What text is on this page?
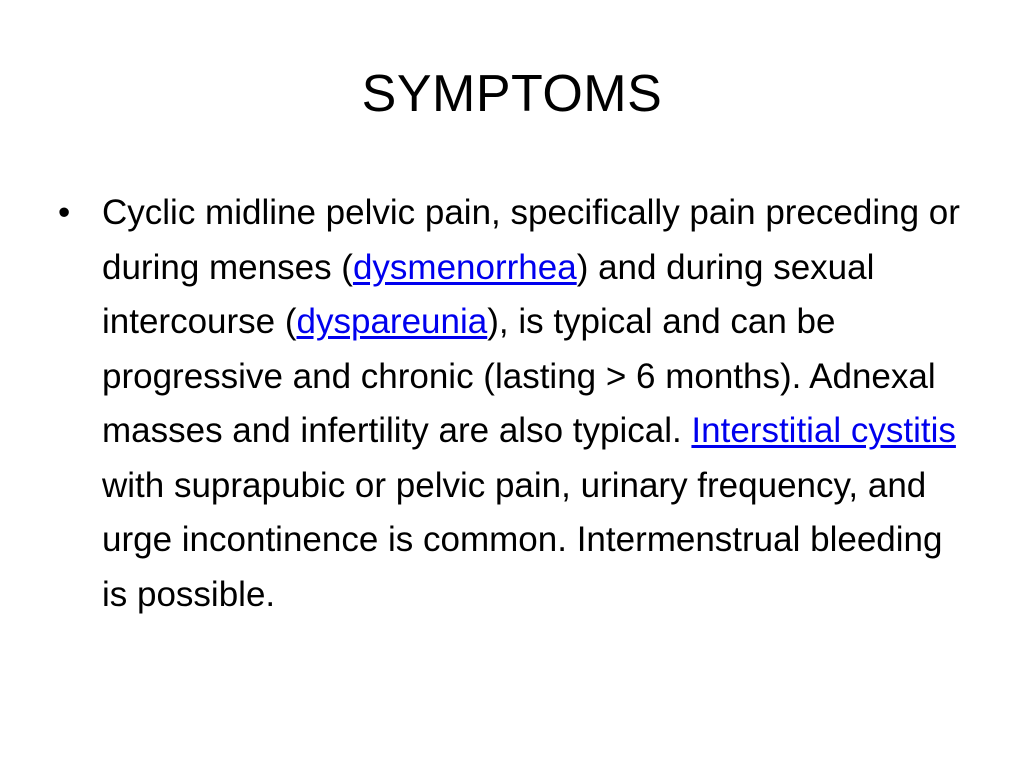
SYMPTOMS
• Cyclic midline pelvic pain, specifically pain preceding or during menses (dysmenorrhea) and during sexual intercourse (dyspareunia), is typical and can be progressive and chronic (lasting > 6 months). Adnexal masses and infertility are also typical. Interstitial cystitis with suprapubic or pelvic pain, urinary frequency, and urge incontinence is common. Intermenstrual bleeding is possible.
